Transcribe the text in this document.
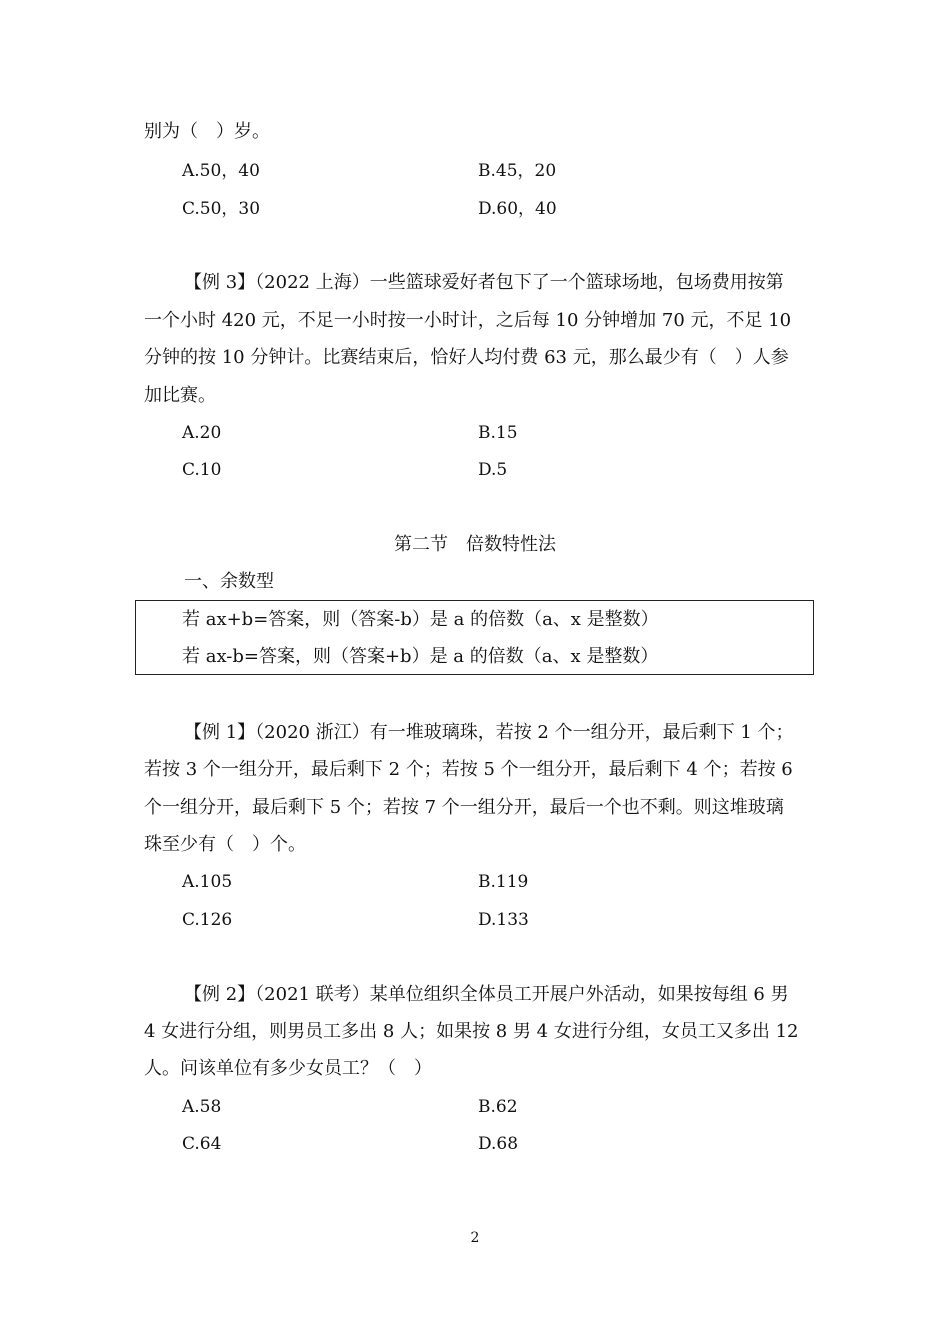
别为（　）岁。
A.50，40	B.45，20
C.50，30	D.60，40
【例 3】（2022 上海）一些篮球爱好者包下了一个篮球场地，包场费用按第
一个小时 420 元，不足一小时按一小时计，之后每 10 分钟增加 70 元，不足 10
分钟的按 10 分钟计。比赛结束后，恰好人均付费 63 元，那么最少有（　）人参
加比赛。
A.20	B.15
C.10	D.5
第二节　倍数特性法
一、余数型
若 ax+b=答案，则（答案-b）是 a 的倍数（a、x 是整数）
若 ax-b=答案，则（答案+b）是 a 的倍数（a、x 是整数）
【例 1】（2020 浙江）有一堆玻璃珠，若按 2 个一组分开，最后剩下 1 个；
若按 3 个一组分开，最后剩下 2 个；若按 5 个一组分开，最后剩下 4 个；若按 6
个一组分开，最后剩下 5 个；若按 7 个一组分开，最后一个也不剩。则这堆玻璃
珠至少有（　）个。
A.105	B.119
C.126	D.133
【例 2】（2021 联考）某单位组织全体员工开展户外活动，如果按每组 6 男
4 女进行分组，则男员工多出 8 人；如果按 8 男 4 女进行分组，女员工又多出 12
人。问该单位有多少女员工？（　）
A.58	B.62
C.64	D.68
2
